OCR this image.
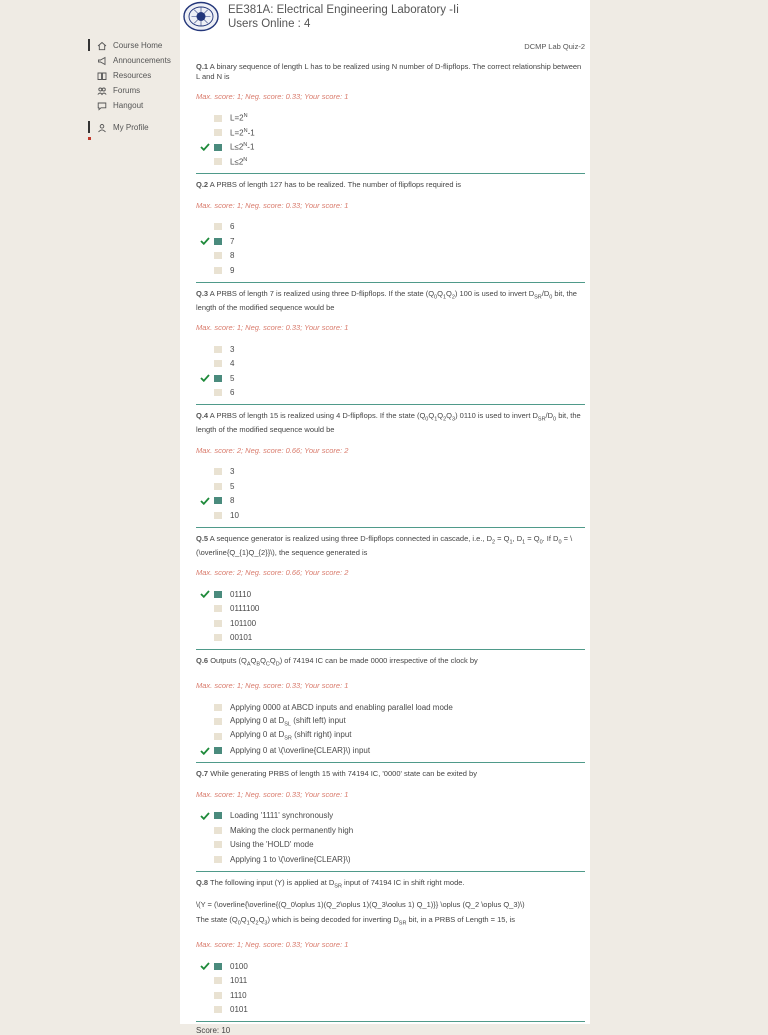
Course Home
Announcements
Resources
Forums
Hangout
My Profile
EE381A: Electrical Engineering Laboratory -Ii
Users Online : 4
DCMP Lab Quiz-2
Q.1 A binary sequence of length L has to be realized using N number of D-flipflops. The correct relationship between L and N is
Max. score: 1; Neg. score: 0.33; Your score: 1
$L=2^N$
$L=2^N-1$
$L\le 2^N-1$
$L\le 2^N$
Q.2 A PRBS of length 127 has to be realized. The number of flipflops required is
Max. score: 1; Neg. score: 0.33; Your score: 1
6
7
8
9
Q.3 A PRBS of length 7 is realized using three D-flipflops. If the state $(Q_0Q_1Q_2)$ 100 is used to invert $D_{SR}/D_0$ bit, the length of the modified sequence would be
Max. score: 1; Neg. score: 0.33; Your score: 1
3
4
5
6
Q.4 A PRBS of length 15 is realized using 4 D-flipflops. If the state $(Q_0Q_1Q_2Q_3)$ 0110 is used to invert $D_{SR}/D_0$ bit, the length of the modified sequence would be
Max. score: 2; Neg. score: 0.66; Your score: 2
3
5
8
10
Q.5 A sequence generator is realized using three D-flipflops connected in cascade, i.e., $D_2 = Q_1$, $D_1 = Q_0$. If $D_0$ = \(\overline{Q_{1}Q_{2}}\), the sequence generated is
Max. score: 2; Neg. score: 0.66; Your score: 2
01110
0111100
101100
00101
Q.6 Outputs $(Q_AQ_BQ_CQ_D)$ of 74194 IC can be made 0000 irrespective of the clock by
Max. score: 1; Neg. score: 0.33; Your score: 1
Applying 0000 at ABCD inputs and enabling parallel load mode
Applying 0 at $D_{SL}$ (shift left) input
Applying 0 at $D_{SR}$ (shift right) input
Applying 0 at \(\overline{CLEAR}\) input
Q.7 While generating PRBS of length 15 with 74194 IC, '0000' state can be exited by
Max. score: 1; Neg. score: 0.33; Your score: 1
Loading '1111' synchronously
Making the clock permanently high
Using the 'HOLD' mode
Applying 1 to \(\overline{CLEAR}\)
Q.8 The following input (Y) is applied at $D_{SR}$ input of 74194 IC in shift right mode.
\(Y = (\overline{\overline{(Q_0\oplus 1)(Q_2\oplus 1)(Q_3\oolus 1) Q_1)}} \oplus (Q_2 \oplus Q_3)\)
The state $(Q_0Q_1Q_2Q_3)$ which is being decoded for inverting $D_{SR}$ bit, in a PRBS of Length = 15, is
Max. score: 1; Neg. score: 0.33; Your score: 1
0100
1011
1110
0101
Score: 10
